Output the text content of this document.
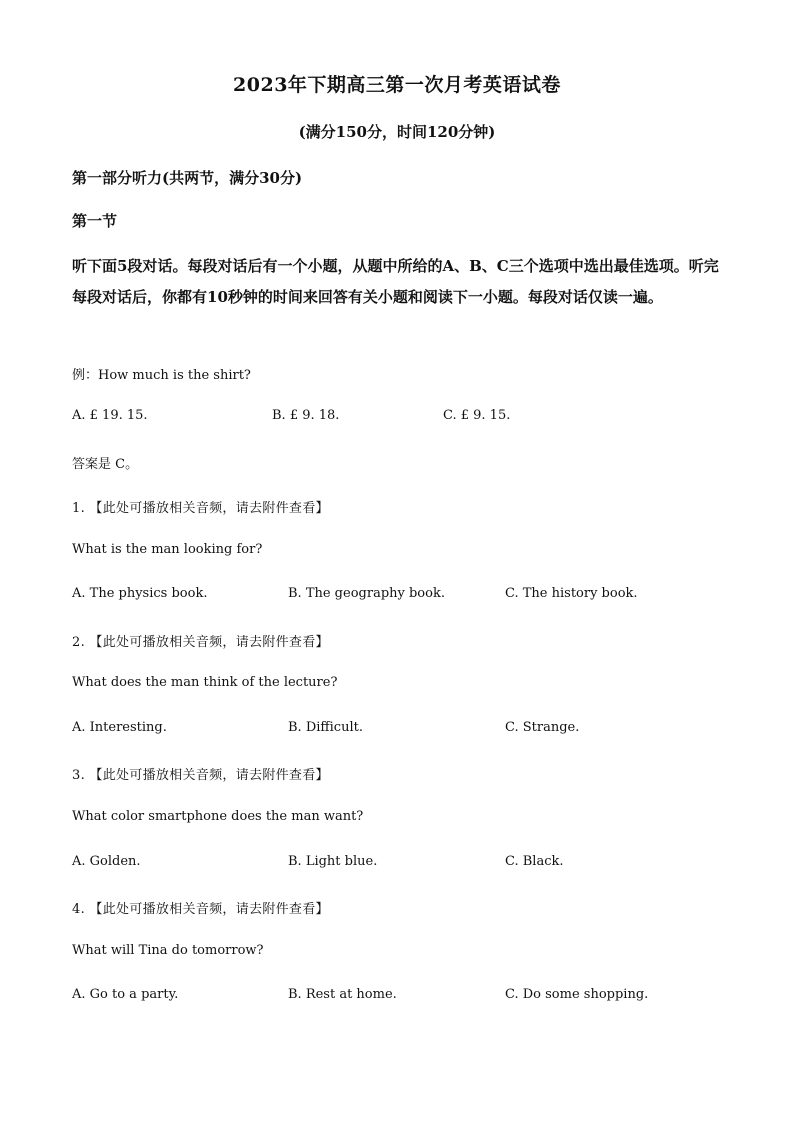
2023年下期高三第一次月考英语试卷
(满分150分，时间120分钟)
第一部分听力(共两节，满分30分)
第一节
听下面5段对话。每段对话后有一个小题，从题中所给的A、B、C三个选项中选出最佳选项。听完每段对话后，你都有10秒钟的时间来回答有关小题和阅读下一小题。每段对话仅读一遍。
例：How much is the shirt?
A. £ 19. 15.	B. £ 9. 18.	C. £ 9. 15.
答案是 C。
1. 【此处可播放相关音频，请去附件查看】
What is the man looking for?
A. The physics book.	B. The geography book.	C. The history book.
2. 【此处可播放相关音频，请去附件查看】
What does the man think of the lecture?
A. Interesting.	B. Difficult.	C. Strange.
3. 【此处可播放相关音频，请去附件查看】
What color smartphone does the man want?
A. Golden.	B. Light blue.	C. Black.
4. 【此处可播放相关音频，请去附件查看】
What will Tina do tomorrow?
A. Go to a party.	B. Rest at home.	C. Do some shopping.
